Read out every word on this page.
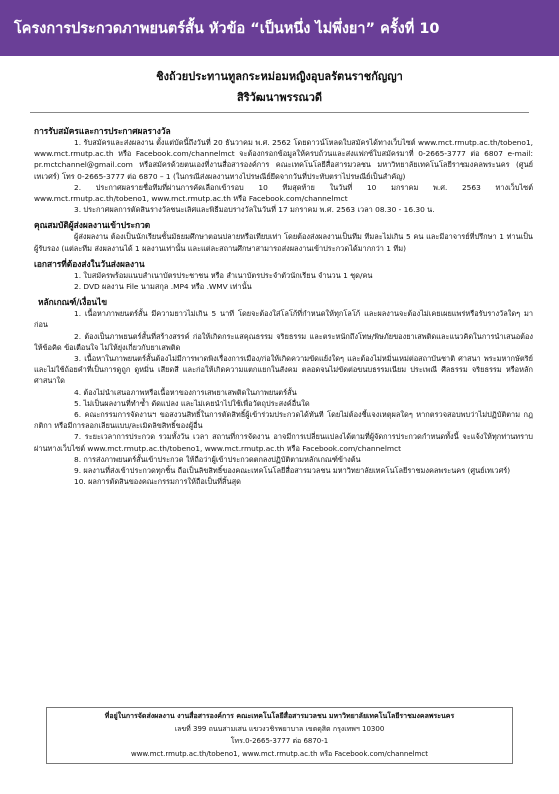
โครงการประกวดภาพยนตร์สั้น หัวข้อ “เป็นหนึ่ง ไม่พึ่งยา” ครั้งที่ 10
ชิงถ้วยประทานทูลกระหม่อมหญิงอุบลรัตนราชกัญญา
สิริวัฒนาพรรณวดี
การรับสมัครและการประกาศผลรางวัล

1. รับสมัครและส่งผลงาน ตั้งแต่บัดนี้ถึงวันที่ 20 ธันวาคม พ.ศ. 2562 โดยดาวน์โหลดใบสมัครได้ทางเว็บไซต์ www.mct.rmutp.ac.th/tobeno1, www.mct.rmutp.ac.th หรือ Facebook.com/channelmct จะต้องกรอกข้อมูลให้ครบถ้วนและส่งแฟกซ์ใบสมัครมาที่ 0-2665-3777 ต่อ 6807 e-mail: pr.mctchannel@gmail.com หรือสมัครด้วยตนเองที่งานสื่อสารองค์การ คณะเทคโนโลยีสื่อสารมวลชน มหาวิทยาลัยเทคโนโลยีราชมงคลพระนคร (ศูนย์เทเวศร์) โทร 0-2665-3777 ต่อ 6870 – 1 (ในกรณีส่งผลงานทางไปรษณีย์ยึดจากวันที่ประทับตราไปรษณีย์เป็นสำคัญ)

2. ประกาศผลรายชื่อทีมที่ผ่านการคัดเลือกเข้ารอบ 10 ทีมสุดท้าย ในวันที่ 10 มกราคม พ.ศ. 2563 ทางเว็บไซต์ www.mct.rmutp.ac.th/tobeno1, www.mct.rmutp.ac.th หรือ Facebook.com/channelmct

3. ประกาศผลการตัดสินรางวัลชนะเลิศและพิธีมอบรางวัลในวันที่ 17 มกราคม พ.ศ. 2563 เวลา 08.30 - 16.30 น.

คุณสมบัติผู้ส่งผลงานเข้าประกวด

ผู้ส่งผลงาน ต้องเป็นนักเรียนชั้นมัธยมศึกษาตอนปลายหรือเทียบเท่า โดยต้องส่งผลงานเป็นทีม ทีมละไม่เกิน 5 คน และมีอาจารย์ที่ปรึกษา 1 ท่านเป็นผู้รับรอง (แต่ละทีม ส่งผลงานได้ 1 ผลงานเท่านั้น และแต่ละสถานศึกษาสามารถส่งผลงานเข้าประกวดได้มากกว่า 1 ทีม)

เอกสารที่ต้องส่งในวันส่งผลงาน

1. ใบสมัครพร้อมแนบสำเนาบัตรประชาชน หรือ สำเนาบัตรประจำตัวนักเรียน จำนวน 1 ชุด/คน

2. DVD ผลงาน File นามสกุล .MP4 หรือ .WMV เท่านั้น

หลักเกณฑ์/เงื่อนไข

1. เนื้อหาภาพยนตร์สั้น มีความยาวไม่เกิน 5 นาที โดยจะต้องใส่โลโก้ที่กำหนดให้ทุกโลโก้ และผลงานจะต้องไม่เคยเผยแพร่หรือรับรางวัลใดๆ มาก่อน

2. ต้องเป็นภาพยนตร์สั้นที่สร้างสรรค์ ก่อให้เกิดกระแสคุณธรรม จริยธรรม และตระหนักถึงโทษ/พิษภัยของยาเสพติดและแนวคิดในการนำเสนอต้องให้ข้อคิด ข้อเตือนใจ ไม่ให้ยุ่งเกี่ยวกับยาเสพติด

3. เนื้อหาในภาพยนตร์สั้นต้องไม่มีการพาดพิงเรื่องการเมือง/ก่อให้เกิดความขัดแย้งใดๆ และต้องไม่หมิ่นเหม่ต่อสถาบันชาติ ศาสนา พระมหากษัตริย์ และไม่ใช้ถ้อยคำที่เป็นการดูถูก ดูหมิ่น เสียดสี และก่อให้เกิดความแตกแยกในสังคม ตลอดจนไม่ขัดต่อขนบธรรมเนียม ประเพณี ศีลธรรม จริยธรรม หรือหลักศาสนาใด

4. ต้องไม่นำเสนอภาพหรือเนื้อหาของการเสพยาเสพติดในภาพยนตร์สั้น

5. ไม่เป็นผลงานที่ทำซ้ำ ดัดแปลง และไม่เคยนำไปใช้เพื่อวัตถุประสงค์อื่นใด

6. คณะกรรมการจัดงานฯ ขอสงวนสิทธิ์ในการตัดสิทธิ์ผู้เข้าร่วมประกวดได้ทันที โดยไม่ต้องชี้แจงเหตุผลใดๆ หากตรวจสอบพบว่าไม่ปฏิบัติตาม กฎ กติกา หรือมีการลอกเลียนแบบ/ละเมิดลิขสิทธิ์ของผู้อื่น

7. ระยะเวลาการประกวด รวมทั้งวัน เวลา สถานที่การจัดงาน อาจมีการเปลี่ยนแปลงได้ตามที่ผู้จัดการประกวดกำหนดทั้งนี้ จะแจ้งให้ทุกท่านทราบผ่านทางเว็บไซต์ www.mct.rmutp.ac.th/tobeno1, www.mct.rmutp.ac.th หรือ Facebook.com/channelmct

8. การส่งภาพยนตร์สั้นเข้าประกวด ให้ถือว่าผู้เข้าประกวดตกลงปฏิบัติตามหลักเกณฑ์ข้างต้น

9. ผลงานที่ส่งเข้าประกวดทุกชิ้น ถือเป็นลิขสิทธิ์ของคณะเทคโนโลยีสื่อสารมวลชน มหาวิทยาลัยเทคโนโลยีราชมงคลพระนคร (ศูนย์เทเวศร์)

10. ผลการตัดสินของคณะกรรมการให้ถือเป็นที่สิ้นสุด

ที่อยู่ในการจัดส่งผลงาน งานสื่อสารองค์การ คณะเทคโนโลยีสื่อสารมวลชน มหาวิทยาลัยเทคโนโลยีราชมงคลพระนคร
เลขที่ 399 ถนนสามเสน แขวงวชิรพยาบาล เขตดุสิต กรุงเทพฯ 10300
โทร.0-2665-3777 ต่อ 6870-1
www.mct.rmutp.ac.th/tobeno1, www.mct.rmutp.ac.th หรือ Facebook.com/channelmct
